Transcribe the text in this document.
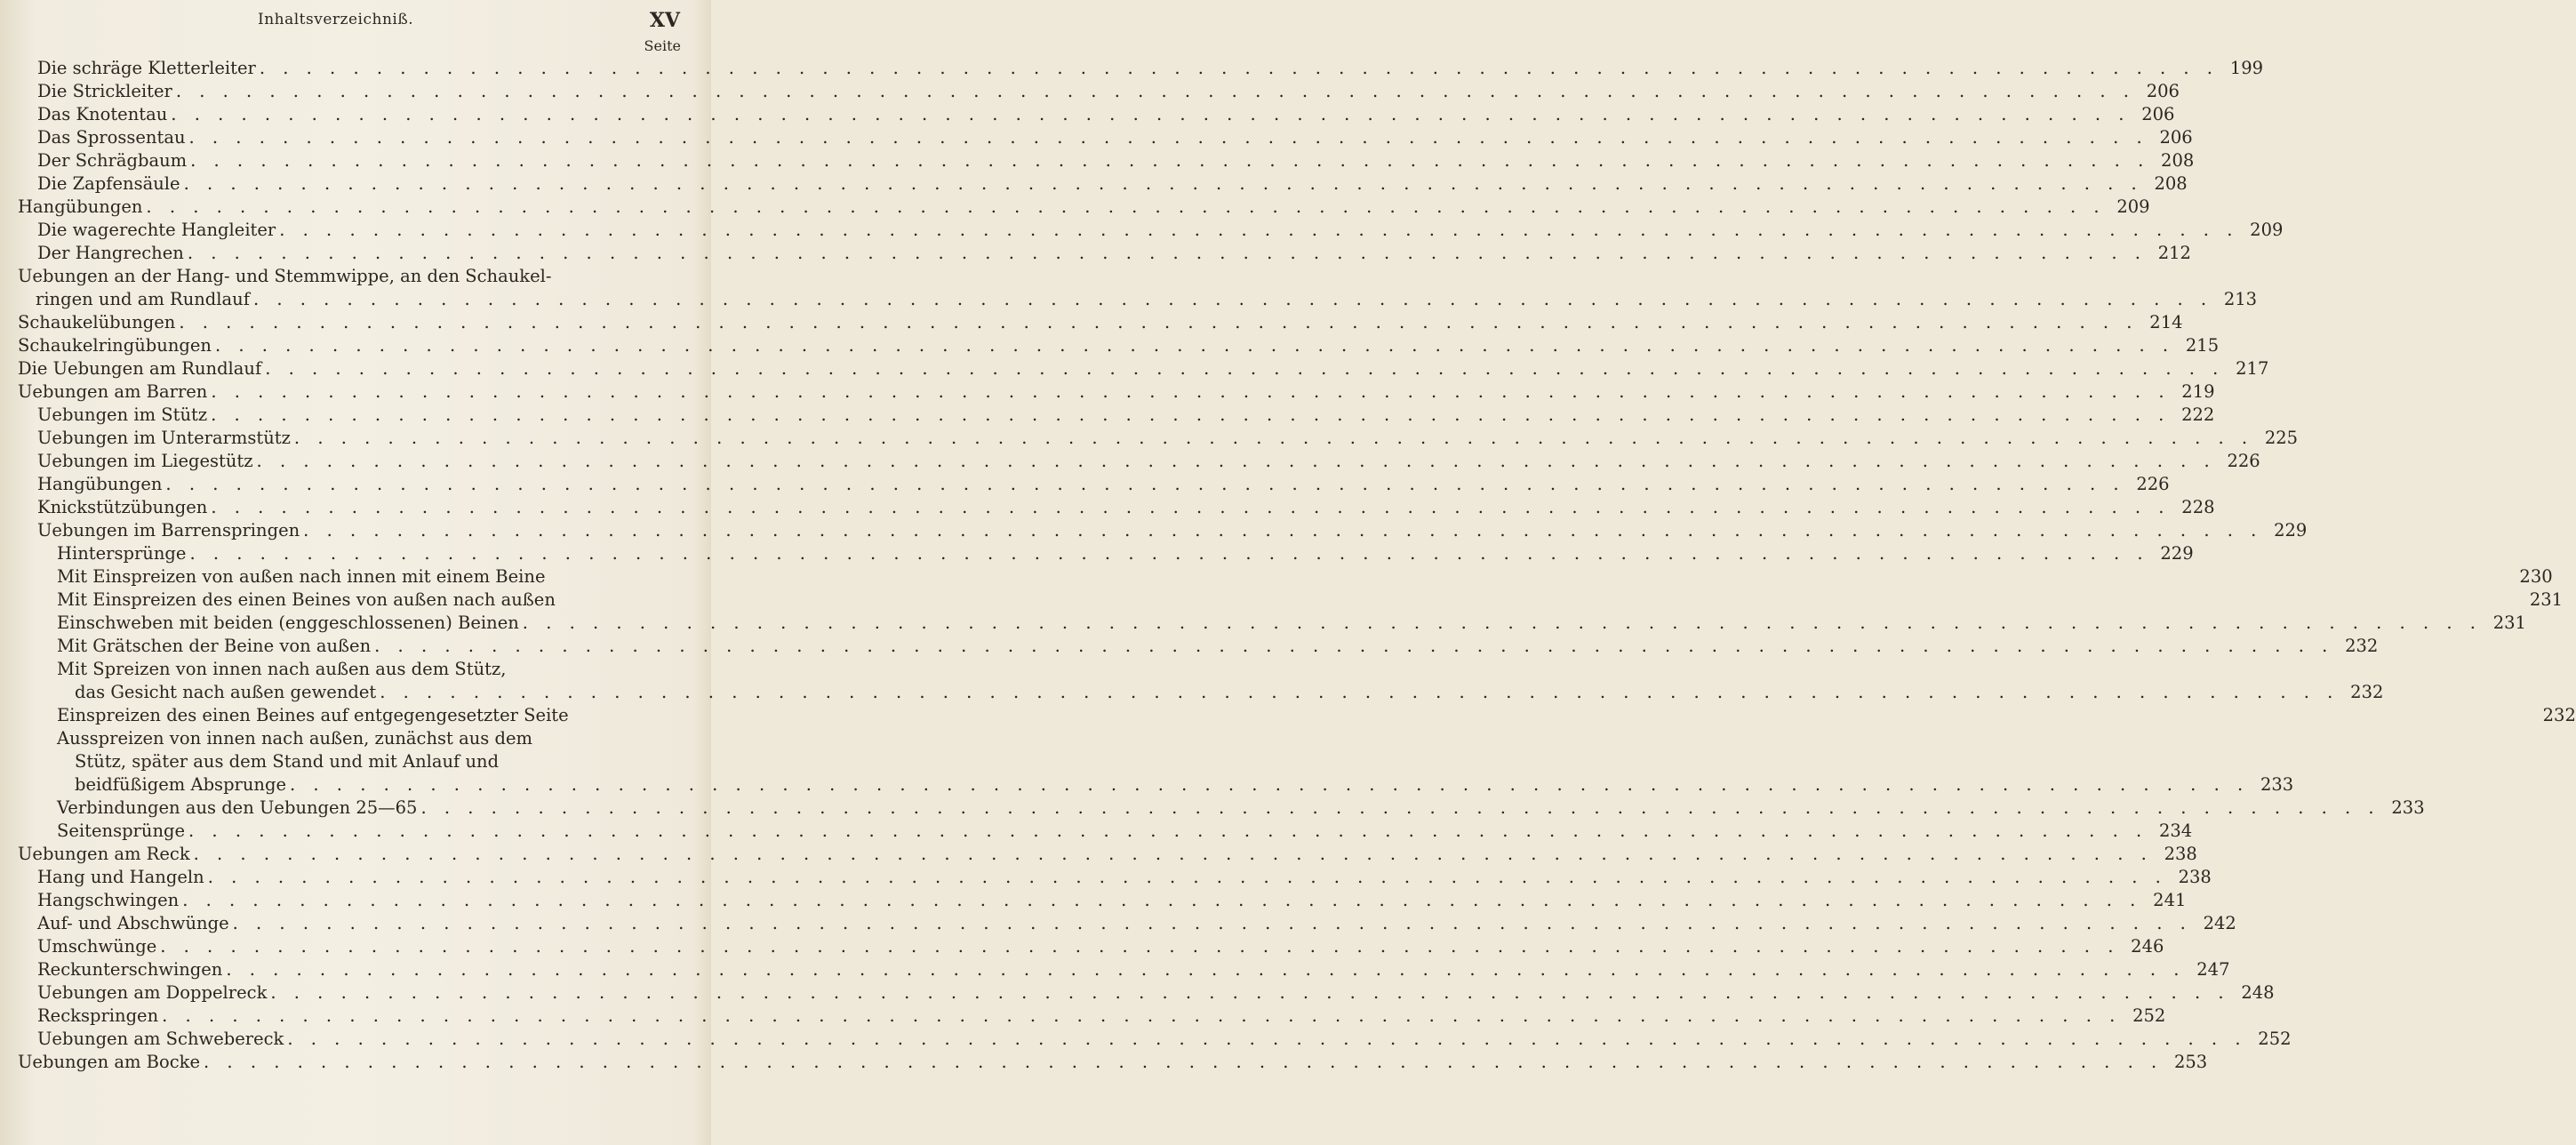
Inhaltsverzeichniß.	XV
Seite
Die schräge Kletterleiter . . .	199
Die Strickleiter . . .	206
Das Knotentau . . .	206
Das Sprossentau . . .	206
Der Schrägbaum . . .	208
Die Zapfensäule . . .	208
Hangübungen . . .	209
Die wagerechte Hangleiter . . .	209
Der Hangrechen . . .	212
Uebungen an der Hang- und Stemmwippe, an den Schaukel-
ringen und am Rundlauf . . .	213
Schaukelübungen . . .	214
Schaukelringübungen . . .	215
Die Uebungen am Rundlauf . . .	217
Uebungen am Barren . . .	219
Uebungen im Stütz . . .	222
Uebungen im Unterarmstütz . . .	225
Uebungen im Liegestütz . . .	226
Hangübungen . . .	226
Knickstützübungen . . .	228
Uebungen im Barrenspringen . . .	229
Hintersprünge . . .	229
Mit Einspreizen von außen nach innen mit einem Beine	230
Mit Einspreizen des einen Beines von außen nach außen	231
Einschweben mit beiden (enggeschlossenen) Beinen . . .	231
Mit Grätschen der Beine von außen . . .	232
Mit Spreizen von innen nach außen aus dem Stütz,
das Gesicht nach außen gewendet . . .	232
Einspreizen des einen Beines auf entgegengesetzter Seite	232
Ausspreizen von innen nach außen, zunächst aus dem
Stütz, später aus dem Stand und mit Anlauf und
beidfüßigem Absprunge . . .	233
Verbindungen aus den Uebungen 25—65 . . .	233
Seitensprünge . . .	234
Uebungen am Reck . . .	238
Hang und Hangeln . . .	238
Hangschwingen . . .	241
Auf- und Abschwünge . . .	242
Umschwünge . . .	246
Reckunterschwingen . . .	247
Uebungen am Doppelreck . . .	248
Reckspringen . . .	252
Uebungen am Schwebereck . . .	252
Uebungen am Bocke . . .	253
